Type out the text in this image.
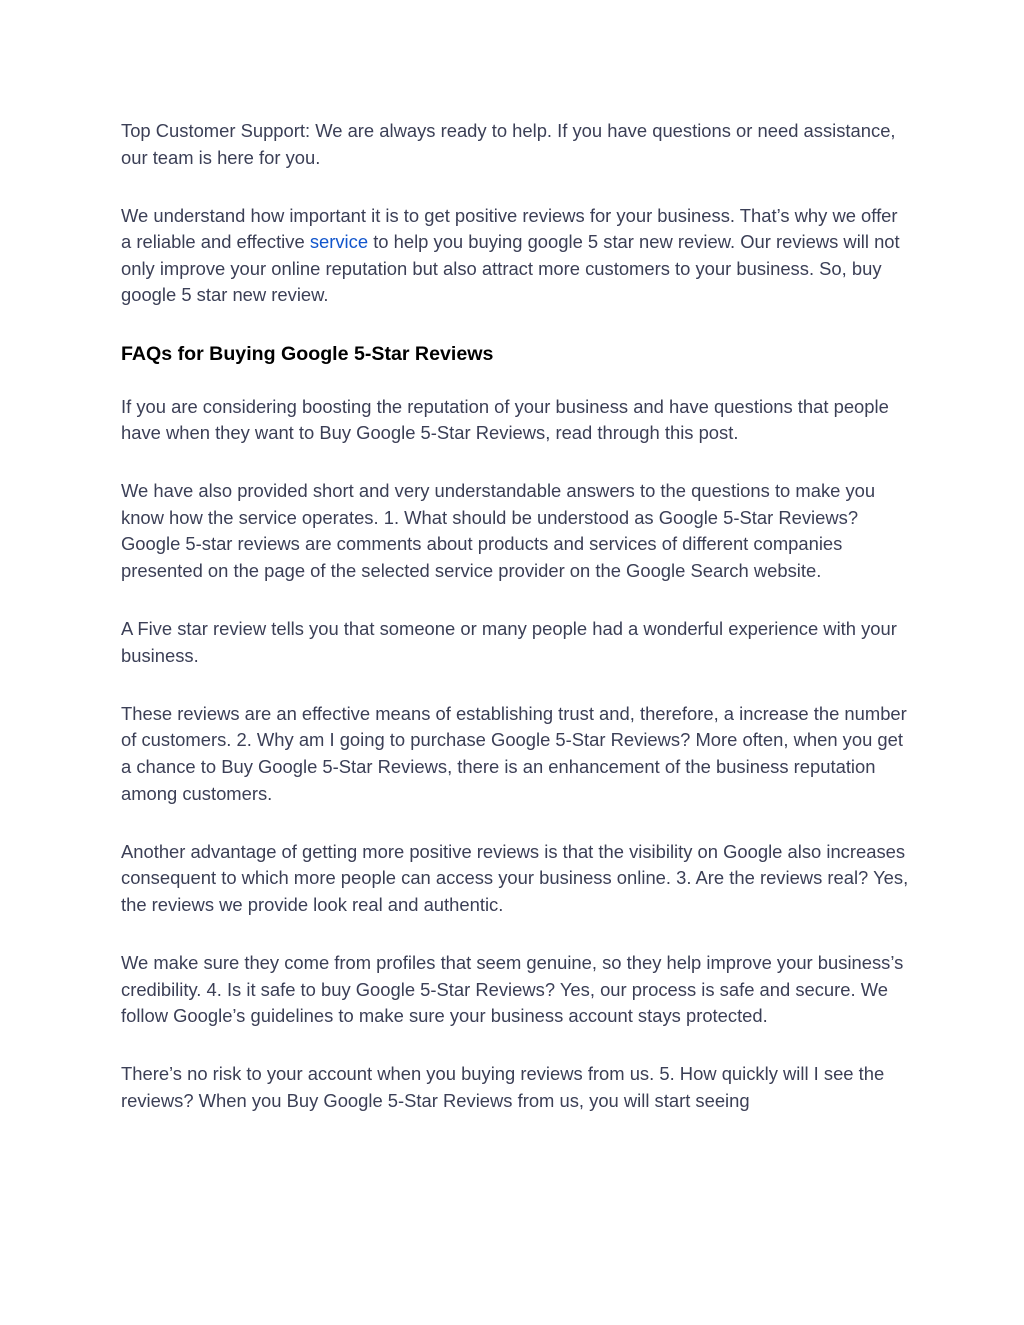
Top Customer Support: We are always ready to help. If you have questions or need assistance, our team is here for you.

We understand how important it is to get positive reviews for your business. That’s why we offer a reliable and effective service to help you buying google 5 star new review. Our reviews will not only improve your online reputation but also attract more customers to your business. So, buy google 5 star new review.

FAQs for Buying Google 5-Star Reviews

If you are considering boosting the reputation of your business and have questions that people have when they want to Buy Google 5-Star Reviews, read through this post.

We have also provided short and very understandable answers to the questions to make you know how the service operates. 1. What should be understood as Google 5-Star Reviews? Google 5-star reviews are comments about products and services of different companies presented on the page of the selected service provider on the Google Search website.

A Five star review tells you that someone or many people had a wonderful experience with your business.

These reviews are an effective means of establishing trust and, therefore, a increase the number of customers. 2. Why am I going to purchase Google 5-Star Reviews? More often, when you get a chance to Buy Google 5-Star Reviews, there is an enhancement of the business reputation among customers.

Another advantage of getting more positive reviews is that the visibility on Google also increases consequent to which more people can access your business online. 3. Are the reviews real? Yes, the reviews we provide look real and authentic.

We make sure they come from profiles that seem genuine, so they help improve your business’s credibility. 4. Is it safe to buy Google 5-Star Reviews? Yes, our process is safe and secure. We follow Google’s guidelines to make sure your business account stays protected.

There’s no risk to your account when you buying reviews from us. 5. How quickly will I see the reviews? When you Buy Google 5-Star Reviews from us, you will start seeing
